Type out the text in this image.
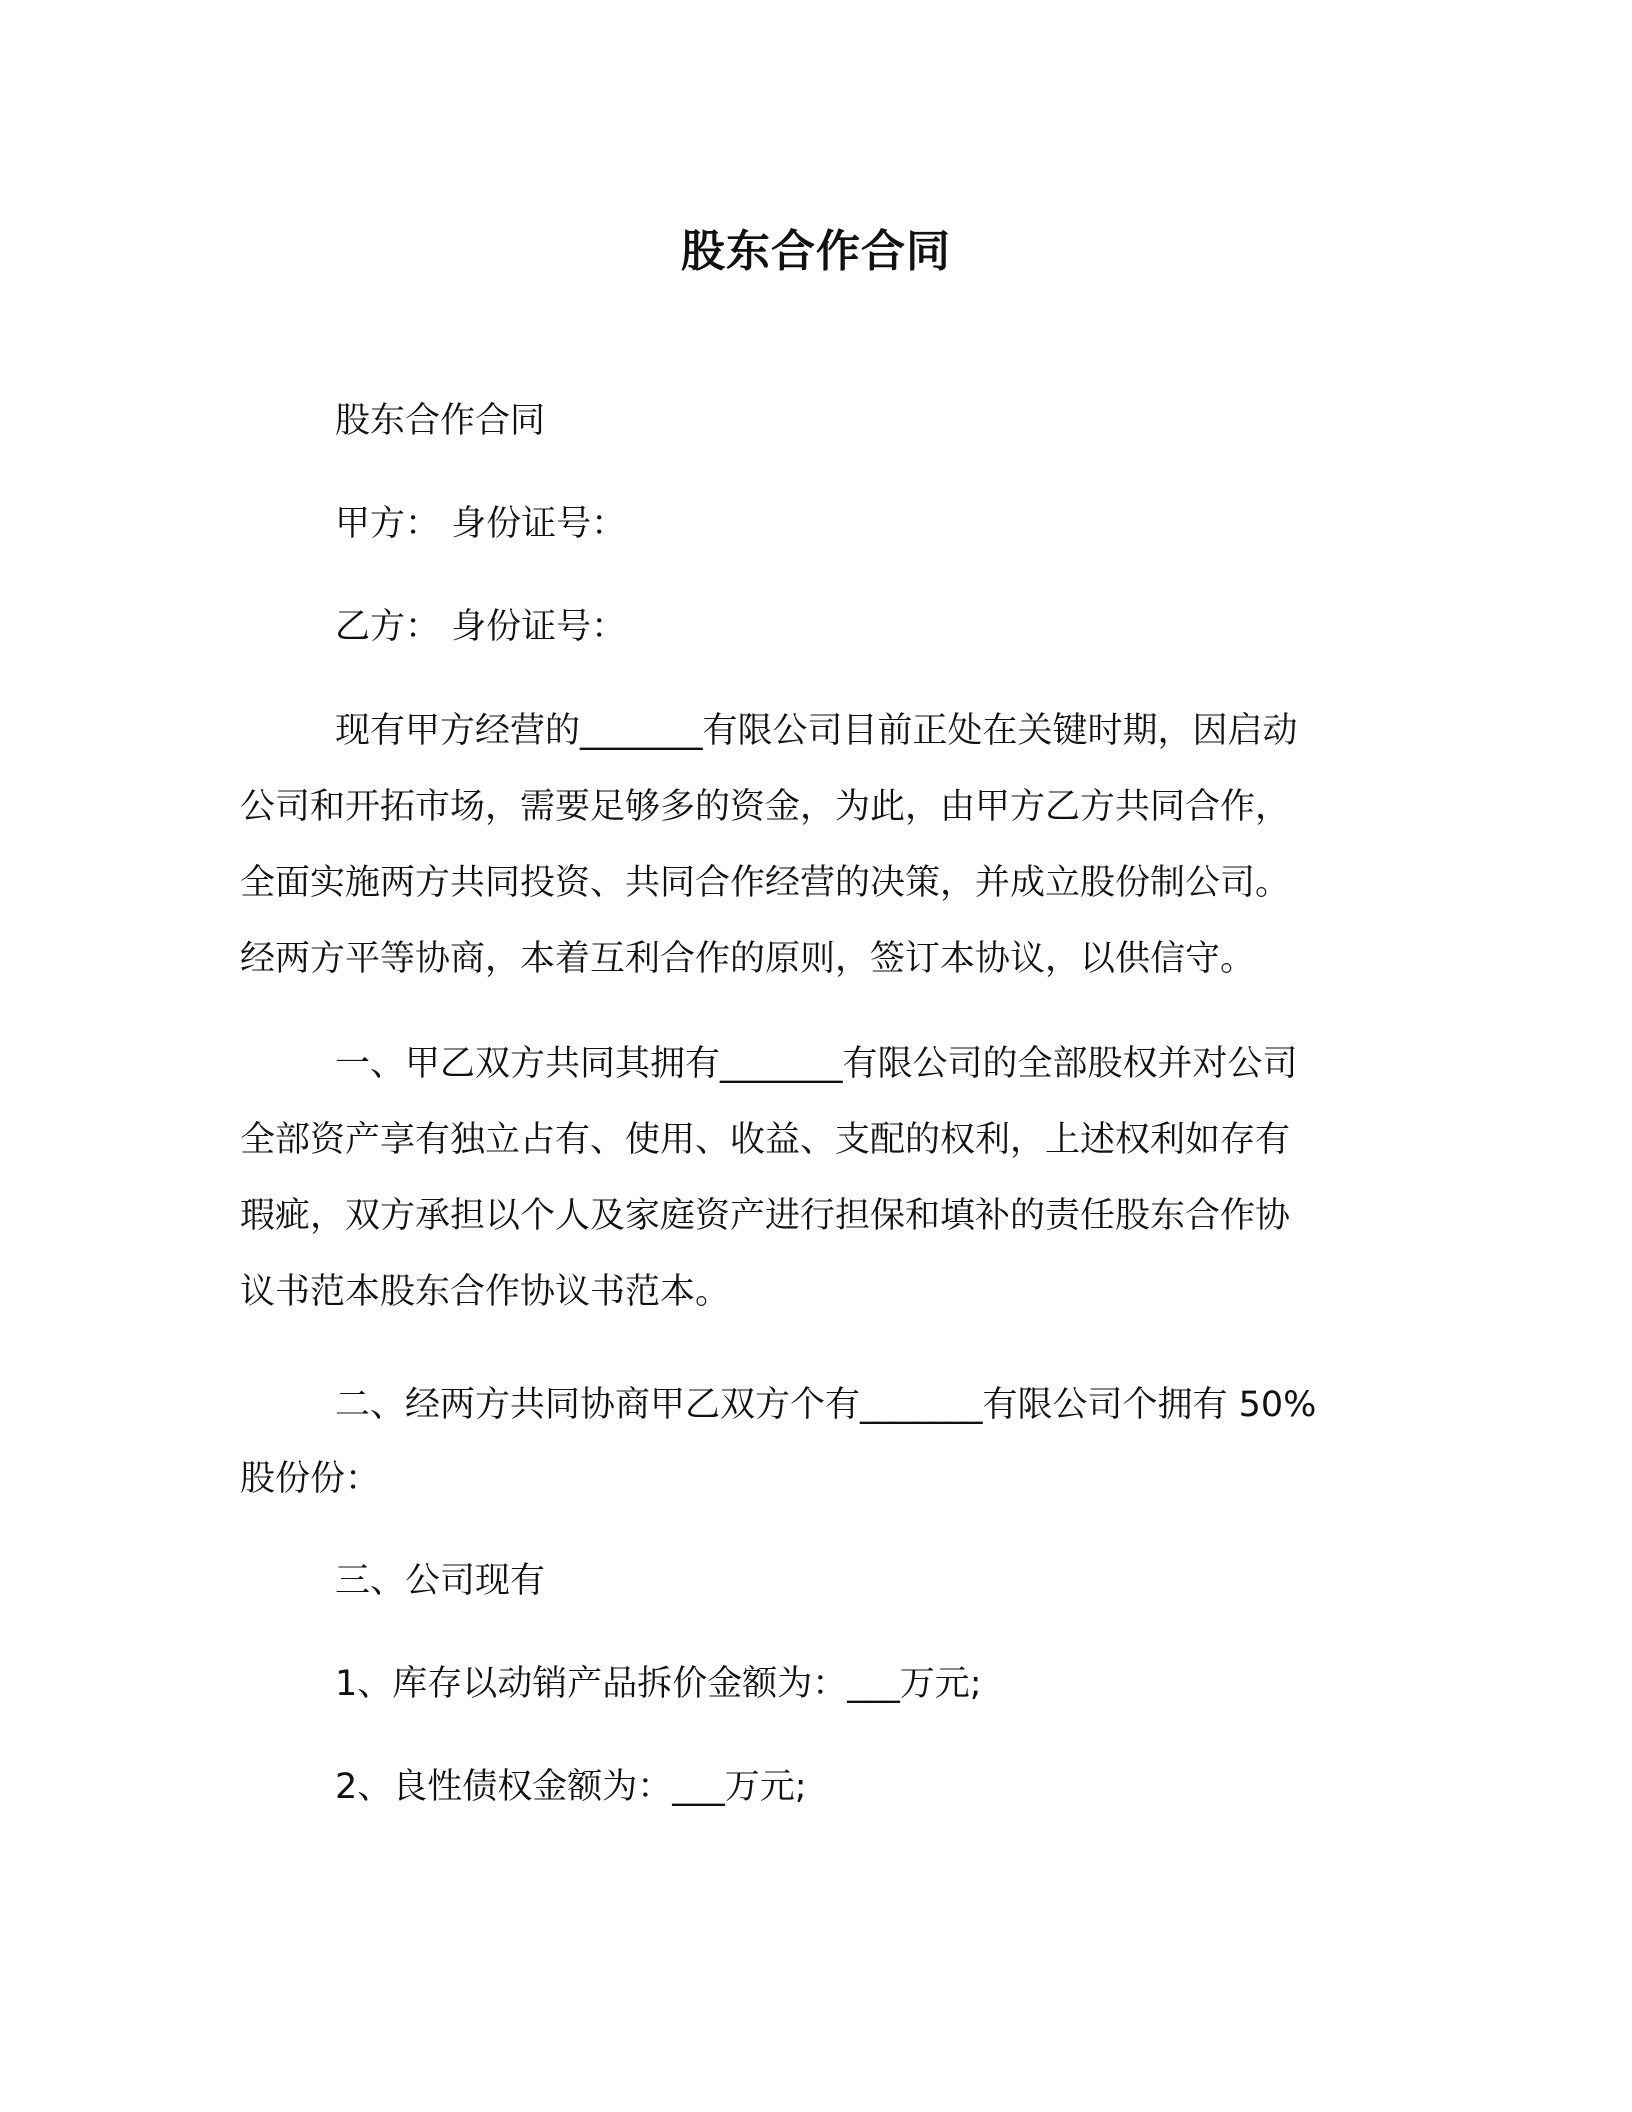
股东合作合同
股东合作合同
甲方： 身份证号：
乙方： 身份证号：
现有甲方经营的_______有限公司目前正处在关键时期，因启动
公司和开拓市场，需要足够多的资金，为此，由甲方乙方共同合作，
全面实施两方共同投资、共同合作经营的决策，并成立股份制公司。
经两方平等协商，本着互利合作的原则，签订本协议，以供信守。
一、甲乙双方共同其拥有_______有限公司的全部股权并对公司
全部资产享有独立占有、使用、收益、支配的权利，上述权利如存有
瑕疵，双方承担以个人及家庭资产进行担保和填补的责任股东合作协
议书范本股东合作协议书范本。
二、经两方共同协商甲乙双方个有_______有限公司个拥有 50%
股份份：
三、公司现有
1、库存以动销产品拆价金额为：___万元;
2、良性债权金额为：___万元;
